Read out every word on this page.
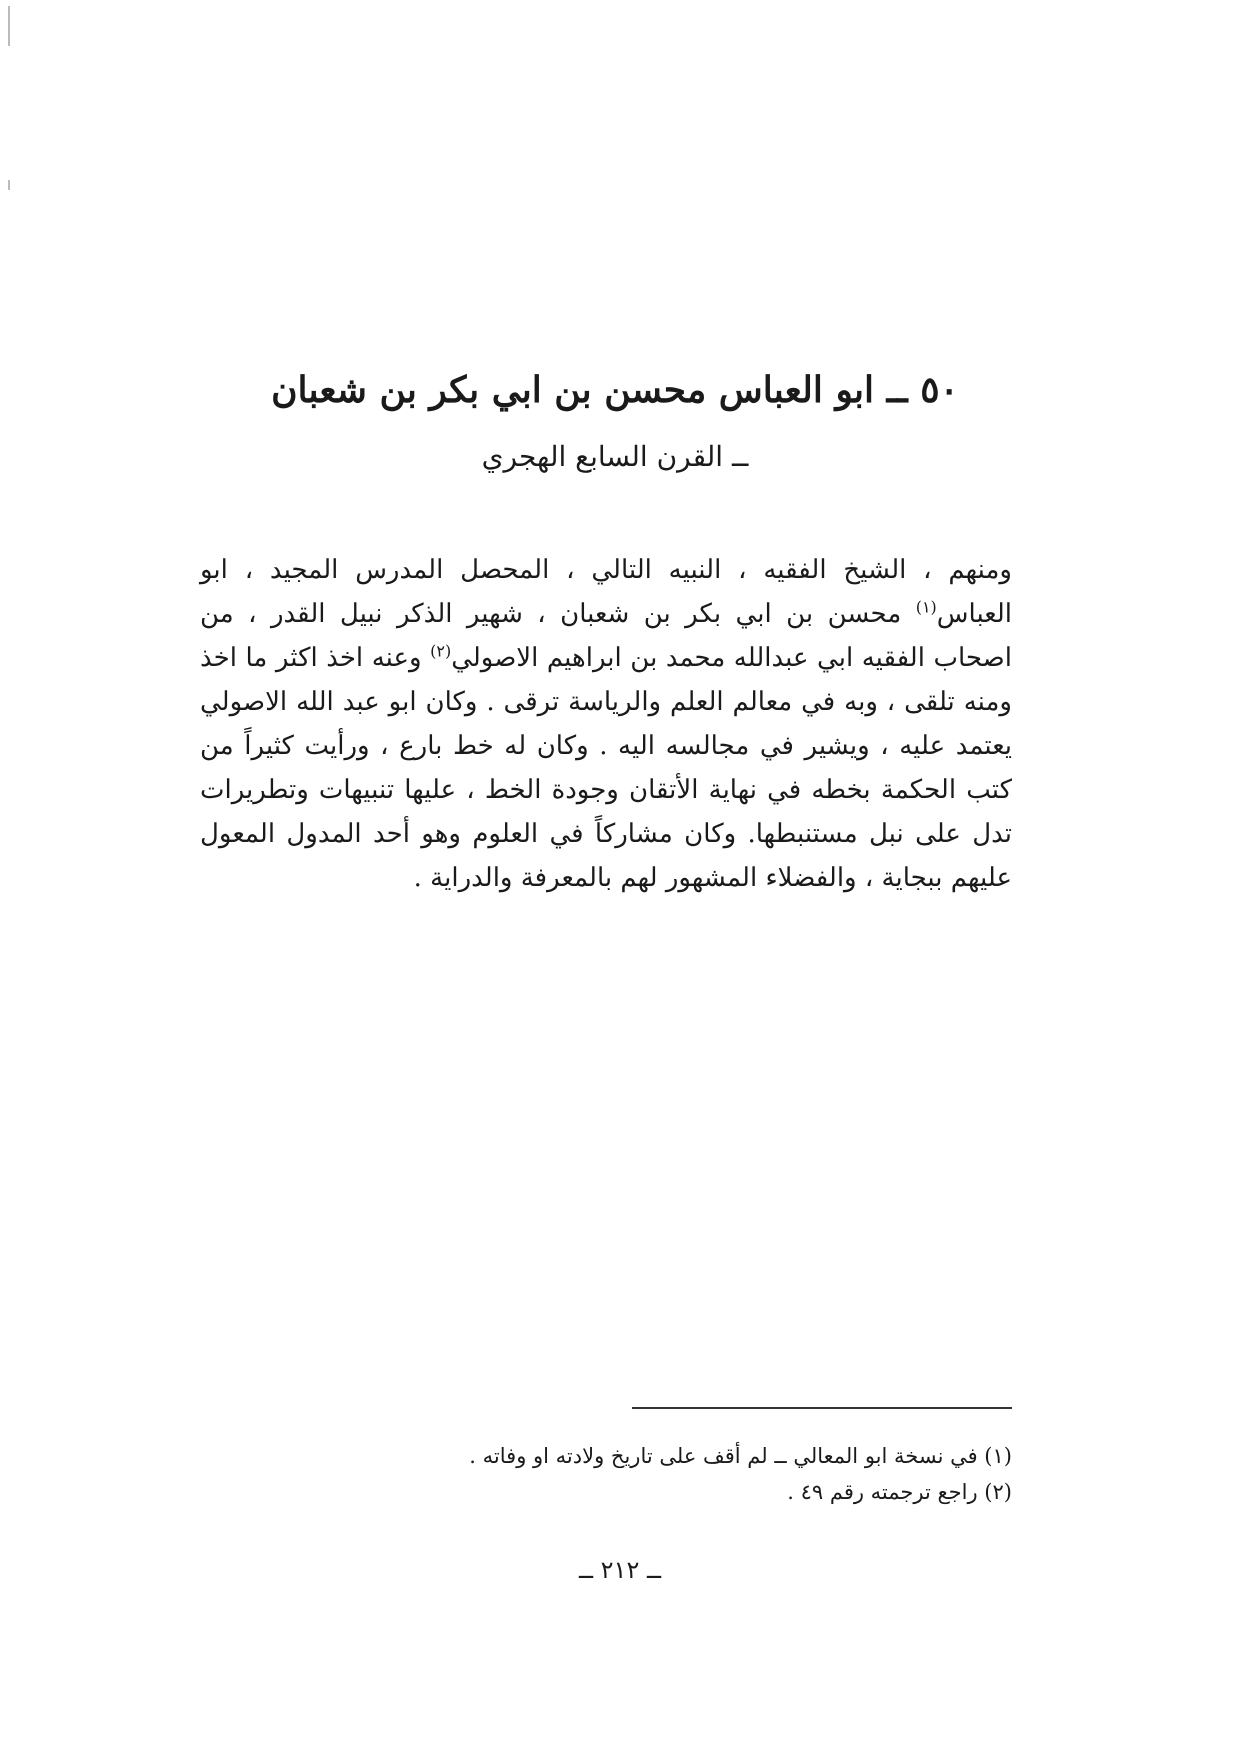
٥٠ ــ ابو العباس محسن بن ابي بكر بن شعبان
ــ القرن السابع الهجري

ومنهم ، الشيخ الفقيه ، النبيه التالي ، المحصل المدرس المجيد ، ابو العباس$^{(١)}$ محسن بن ابي بكر بن شعبان ، شهير الذكر نبيل القدر ، من اصحاب الفقيه ابي عبدالله محمد بن ابراهيم الاصولي$^{(٢)}$ وعنه اخذ اكثر ما اخذ ومنه تلقى ، وبه في معالم العلم والرياسة ترقى . وكان ابو عبد الله الاصولي يعتمد عليه ، ويشير في مجالسه اليه . وكان له خط بارع ، ورأيت كثيراً من كتب الحكمة بخطه في نهاية الأتقان وجودة الخط ، عليها تنبيهات وتطريرات تدل على نبل مستنبطها. وكان مشاركاً في العلوم وهو أحد المدول المعول عليهم ببجاية ، والفضلاء المشهور لهم بالمعرفة والدراية .

(١) في نسخة ابو المعالي ــ لم أقف على تاريخ ولادته او وفاته .

(٢) راجع ترجمته رقم ٤٩ .

ــ ٢١٢ ــ
